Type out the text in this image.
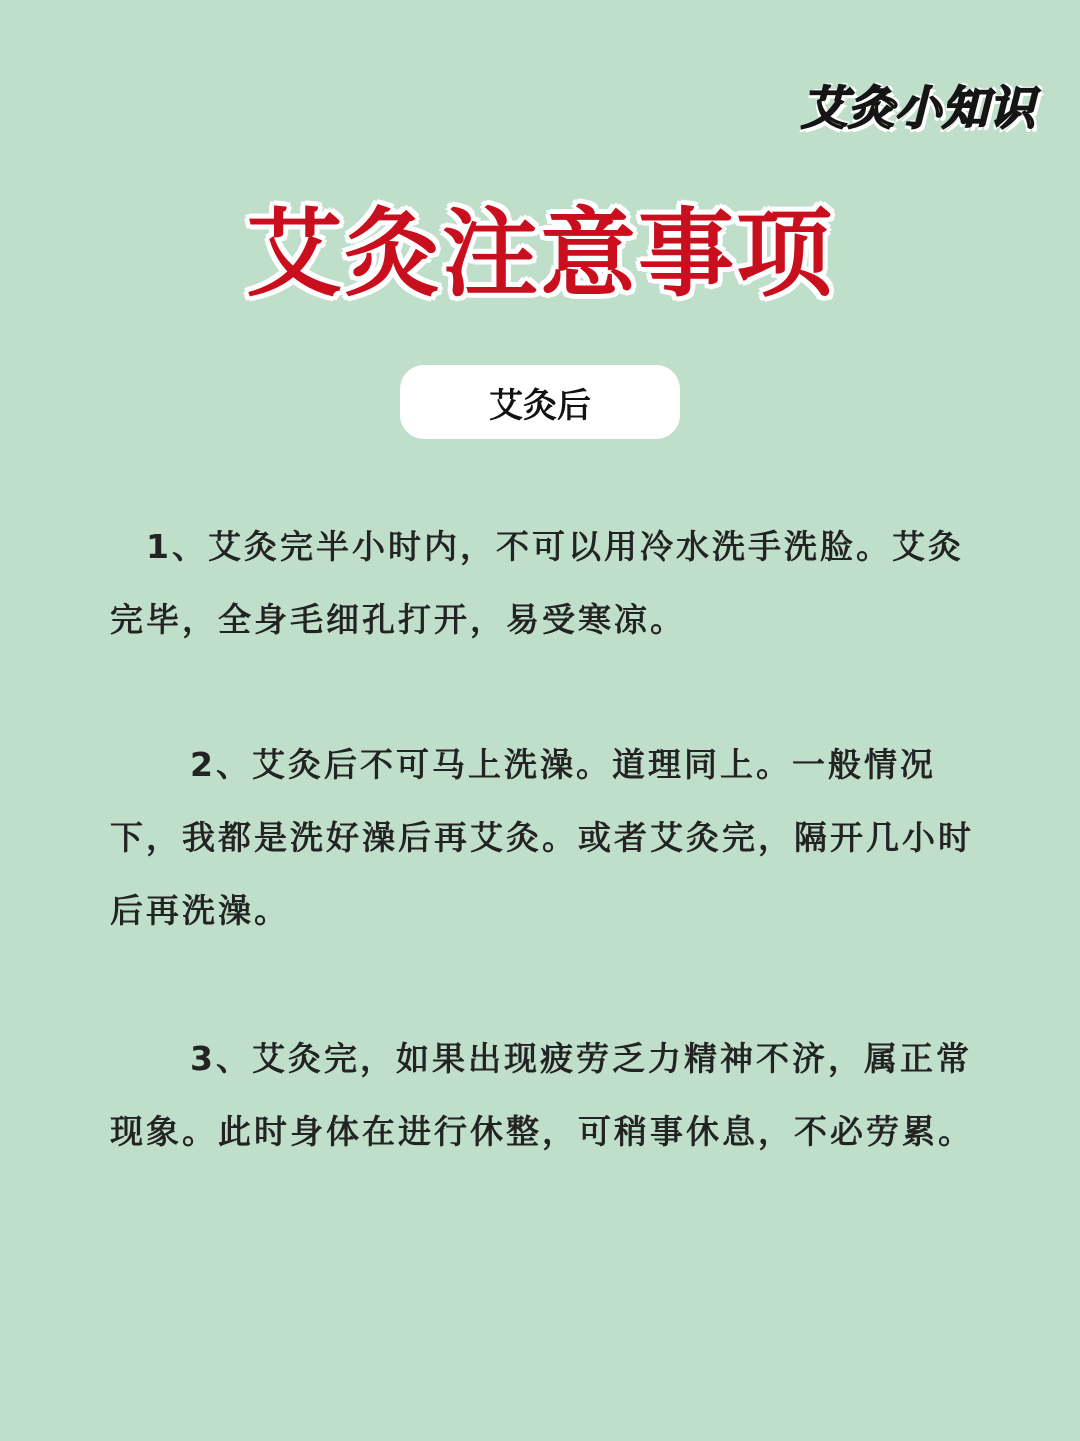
艾灸小知识
艾灸注意事项
艾灸后
1、艾灸完半小时内，不可以用冷水洗手洗脸。艾灸完毕，全身毛细孔打开，易受寒凉。
2、艾灸后不可马上洗澡。道理同上。一般情况下，我都是洗好澡后再艾灸。或者艾灸完，隔开几小时后再洗澡。
3、艾灸完，如果出现疲劳乏力精神不济，属正常现象。此时身体在进行休整，可稍事休息，不必劳累。
